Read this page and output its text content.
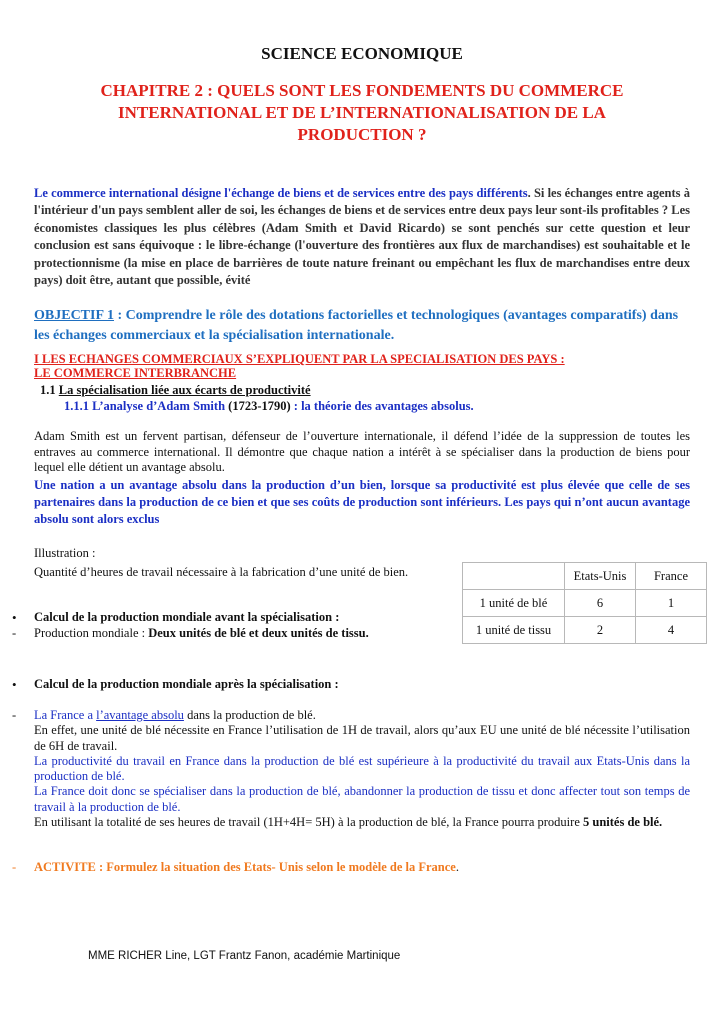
SCIENCE ECONOMIQUE
CHAPITRE 2 : QUELS SONT LES FONDEMENTS DU COMMERCE
INTERNATIONAL ET DE L’INTERNATIONALISATION DE LA
PRODUCTION ?
Le commerce international désigne l'échange de biens et de services entre des pays différents. Si les échanges entre agents à l'intérieur d'un pays semblent aller de soi, les échanges de biens et de services entre deux pays leur sont-ils profitables ? Les économistes classiques les plus célèbres (Adam Smith et David Ricardo) se sont penchés sur cette question et leur conclusion est sans équivoque : le libre-échange (l'ouverture des frontières aux flux de marchandises) est souhaitable et le protectionnisme (la mise en place de barrières de toute nature freinant ou empêchant les flux de marchandises entre deux pays) doit être, autant que possible, évité
OBJECTIF 1 : Comprendre le rôle des dotations factorielles et technologiques (avantages comparatifs) dans les échanges commerciaux et la spécialisation internationale.
I LES ECHANGES COMMERCIAUX S’EXPLIQUENT PAR LA SPECIALISATION DES PAYS :
LE COMMERCE INTERBRANCHE
1.1 La spécialisation liée aux écarts de productivité
1.1.1 L’analyse d’Adam Smith (1723-1790) : la théorie des avantages absolus.
Adam Smith est un fervent partisan, défenseur de l’ouverture internationale, il défend l’idée de la suppression de toutes les entraves au commerce international. Il démontre que chaque nation a intérêt à se spécialiser dans la production de biens pour lequel elle détient un avantage absolu.
Une nation a un avantage absolu dans la production d’un bien, lorsque sa productivité est plus élevée que celle de ses partenaires dans la production de ce bien et que ses coûts de production sont inférieurs. Les pays qui n’ont aucun avantage absolu sont alors exclus
Illustration :
Quantité d’heures de travail nécessaire à la fabrication d’une unité de bien.
		Etats-Unis	France
1 unité de blé	6	1
1 unité de tissu	2	4
• Calcul de la production mondiale avant la spécialisation :
- Production mondiale : Deux unités de blé et deux unités de tissu.
• Calcul de la production mondiale après la spécialisation :
- La France a l’avantage absolu dans la production de blé.
En effet, une unité de blé nécessite en France l’utilisation de 1H de travail, alors qu’aux EU une unité de blé nécessite l’utilisation de 6H de travail.
La productivité du travail en France dans la production de blé est supérieure à la productivité du travail aux Etats-Unis dans la production de blé.
La France doit donc se spécialiser dans la production de blé, abandonner la production de tissu et donc affecter tout son temps de travail à la production de blé.
En utilisant la totalité de ses heures de travail (1H+4H= 5H) à la production de blé, la France pourra produire 5 unités de blé.
- ACTIVITE : Formulez la situation des Etats- Unis selon le modèle de la France.
MME RICHER Line, LGT Frantz Fanon, académie Martinique
